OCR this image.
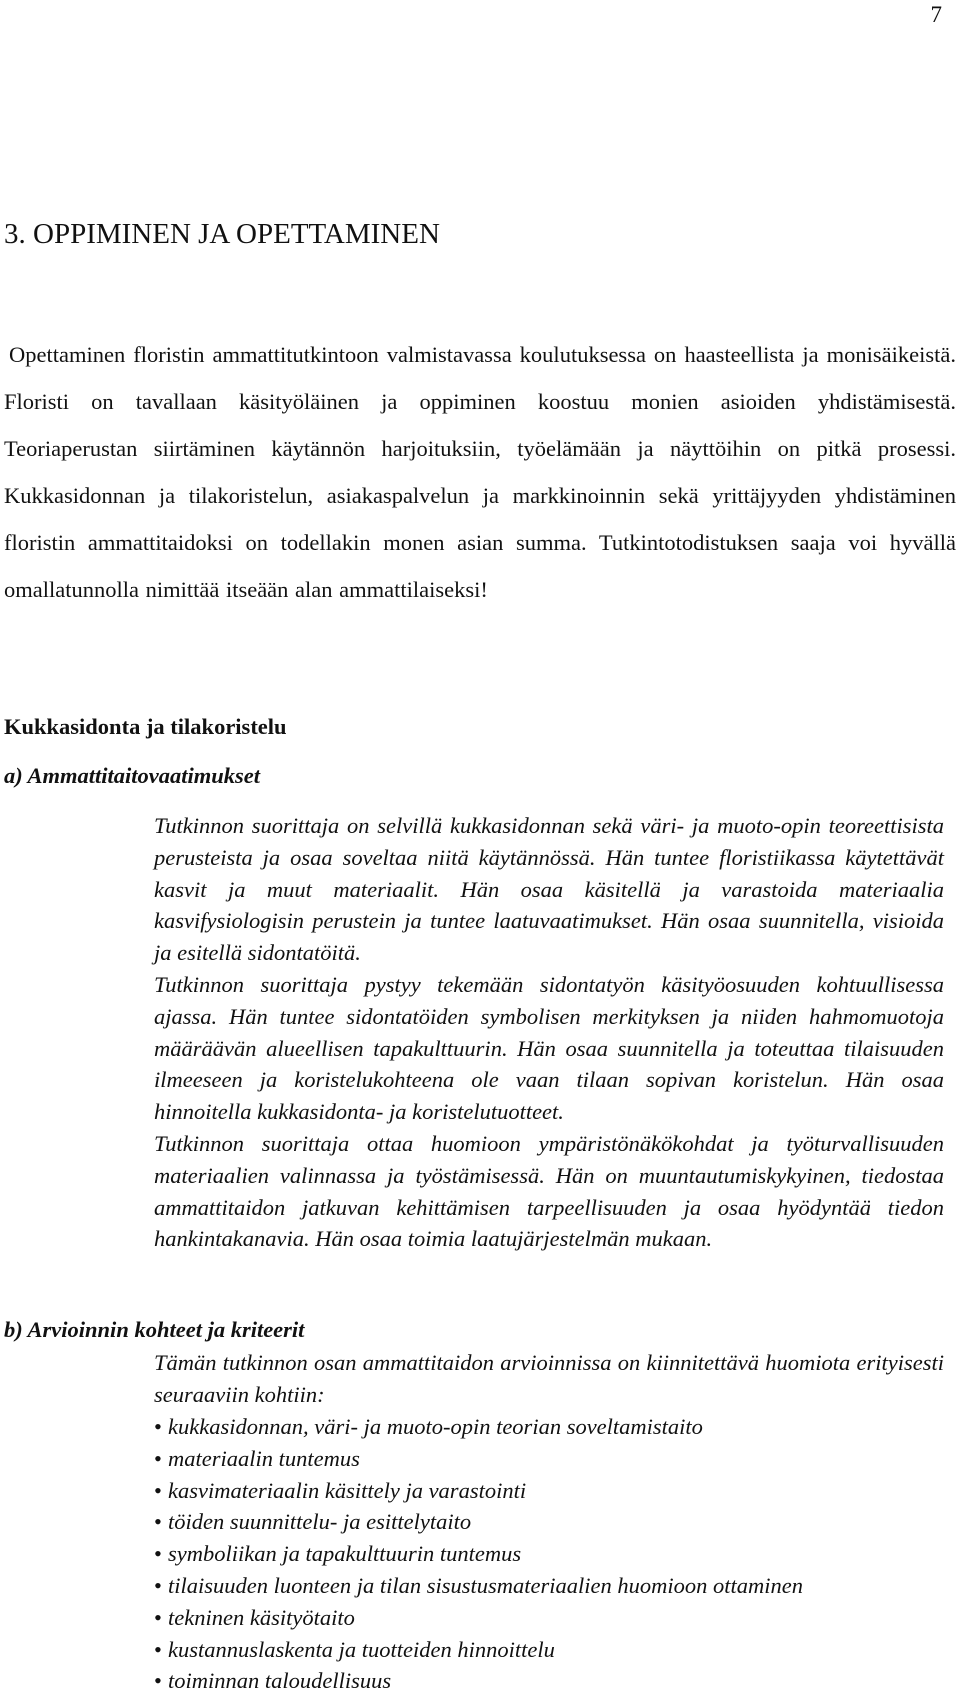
7
3. OPPIMINEN JA OPETTAMINEN

Opettaminen floristin ammattitutkintoon valmistavassa koulutuksessa on haasteellista ja monisäikeistä. Floristi on tavallaan käsityöläinen ja oppiminen koostuu monien asioiden yhdistämisestä. Teoriaperustan siirtäminen käytännön harjoituksiin, työelämään ja näyttöihin on pitkä prosessi. Kukkasidonnan ja tilakoristelun, asiakaspalvelun ja markkinoinnin sekä yrittäjyyden yhdistäminen floristin ammattitaidoksi on todellakin monen asian summa. Tutkintotodistuksen saaja voi hyvällä omallatunnolla nimittää itseään alan ammattilaiseksi!

Kukkasidonta ja tilakoristelu
a) Ammattitaitovaatimukset

Tutkinnon suorittaja on selvillä kukkasidonnan sekä väri- ja muoto-opin teoreettisista perusteista ja osaa soveltaa niitä käytännössä. Hän tuntee floristiikassa käytettävät kasvit ja muut materiaalit. Hän osaa käsitellä ja varastoida materiaalia kasvifysiologisin perustein ja tuntee laatuvaatimukset. Hän osaa suunnitella, visioida ja esitellä sidontatöitä.

Tutkinnon suorittaja pystyy tekemään sidontatyön käsityöosuuden kohtuullisessa ajassa. Hän tuntee sidontatöiden symbolisen merkityksen ja niiden hahmomuotoja määräävän alueellisen tapakulttuurin. Hän osaa suunnitella ja toteuttaa tilaisuuden ilmeeseen ja koristelukohteena ole vaan tilaan sopivan koristelun. Hän osaa hinnoitella kukkasidonta- ja koristelutuotteet.

Tutkinnon suorittaja ottaa huomioon ympäristönäkökohdat ja työturvallisuuden materiaalien valinnassa ja työstämisessä. Hän on muuntautumiskykyinen, tiedostaa ammattitaidon jatkuvan kehittämisen tarpeellisuuden ja osaa hyödyntää tiedon hankintakanavia. Hän osaa toimia laatujärjestelmän mukaan.

b) Arvioinnin kohteet ja kriteerit

Tämän tutkinnon osan ammattitaidon arvioinnissa on kiinnitettävä huomiota erityisesti seuraaviin kohtiin:

• kukkasidonnan, väri- ja muoto-opin teorian soveltamistaito
• materiaalin tuntemus
• kasvimateriaalin käsittely ja varastointi
• töiden suunnittelu- ja esittelytaito
• symboliikan ja tapakulttuurin tuntemus
• tilaisuuden luonteen ja tilan sisustusmateriaalien huomioon ottaminen
• tekninen käsityötaito
• kustannuslaskenta ja tuotteiden hinnoittelu
• toiminnan taloudellisuus
